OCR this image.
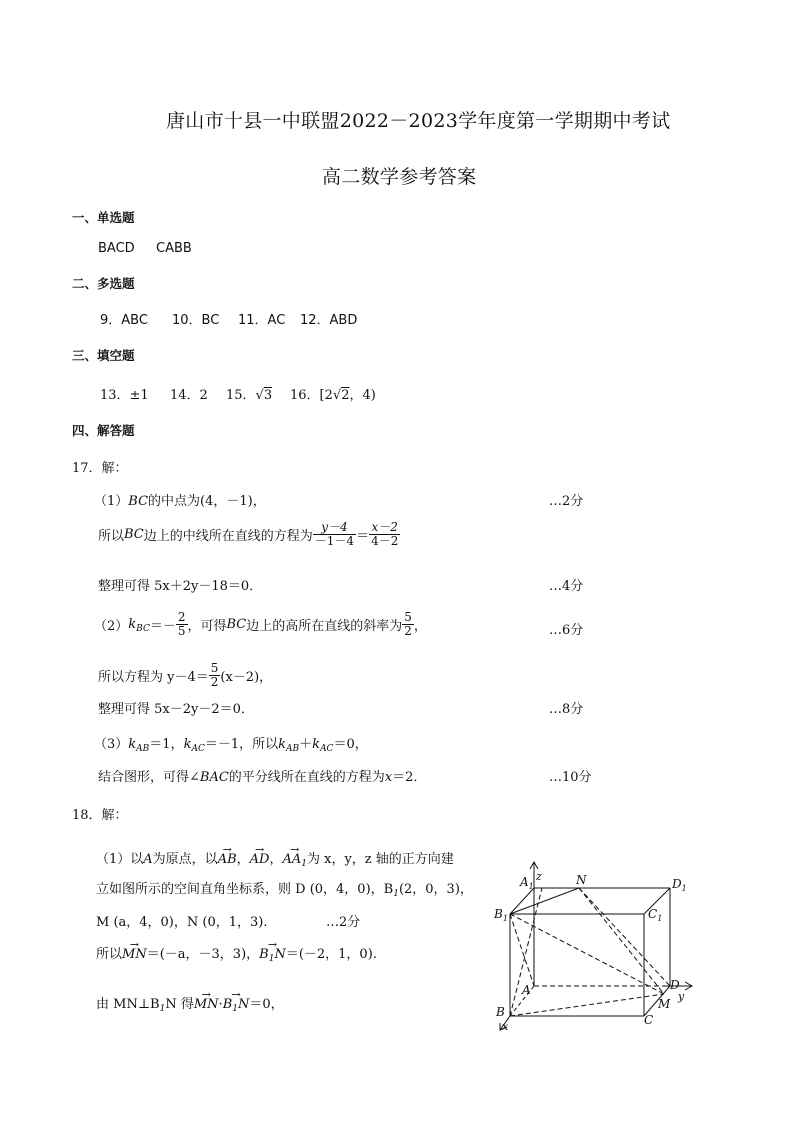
唐山市十县一中联盟2022－2023学年度第一学期期中考试
高二数学参考答案
一、单选题
BACD CABB
二、多选题
9．ABC 10．BC 11．AC 12．ABD
三、填空题
13．±1 14．2 15．√3 16．[2√2，4)
四、解答题
17．解：
（1）BC的中点为(4，－1)，	…2分
所以BC边上的中线所在直线的方程为 $\frac{y-4}{-1-4} = \frac{x-2}{4-2}$
整理可得 5x＋2y－18＝0．	…4分
$(2)k_{BC}=- \frac{2}{5}$ ，可得BC边上的高所在直线的斜率为 $\frac{5}{2}$ ，	…6分
所以方程为 $y-4= \frac{5}{2} (x-2)$，
整理可得 5x－2y－2＝0．	…8分
$(3)k_{AB}=1$，$k_{AC}=-1$，所以$k_{AB}+k_{AC}=0$，
结合图形，可得∠BAC的平分线所在直线的方程为x＝2．	…10分
18．解：
（1）以A为原点，以→ AB，→ AD，→ $AA_1$为 x，y，z 轴的正方向建
立如图所示的空间直角坐标系，则 D (0，4，0)，$B_1(2$，0，3)，
M (a，4，0)，N (0，1，3).	…2分
所以→ MN＝(－a，－3，3)，→ $B_1N=(-2$，1，0).
由 $MN\perp B_1N$ 得→ $MN\cdot\to B_1N=0$，
$A_1$
z	N	$D_1$
$B_1$	$C_1$
A	D
y
M
B
C
x
